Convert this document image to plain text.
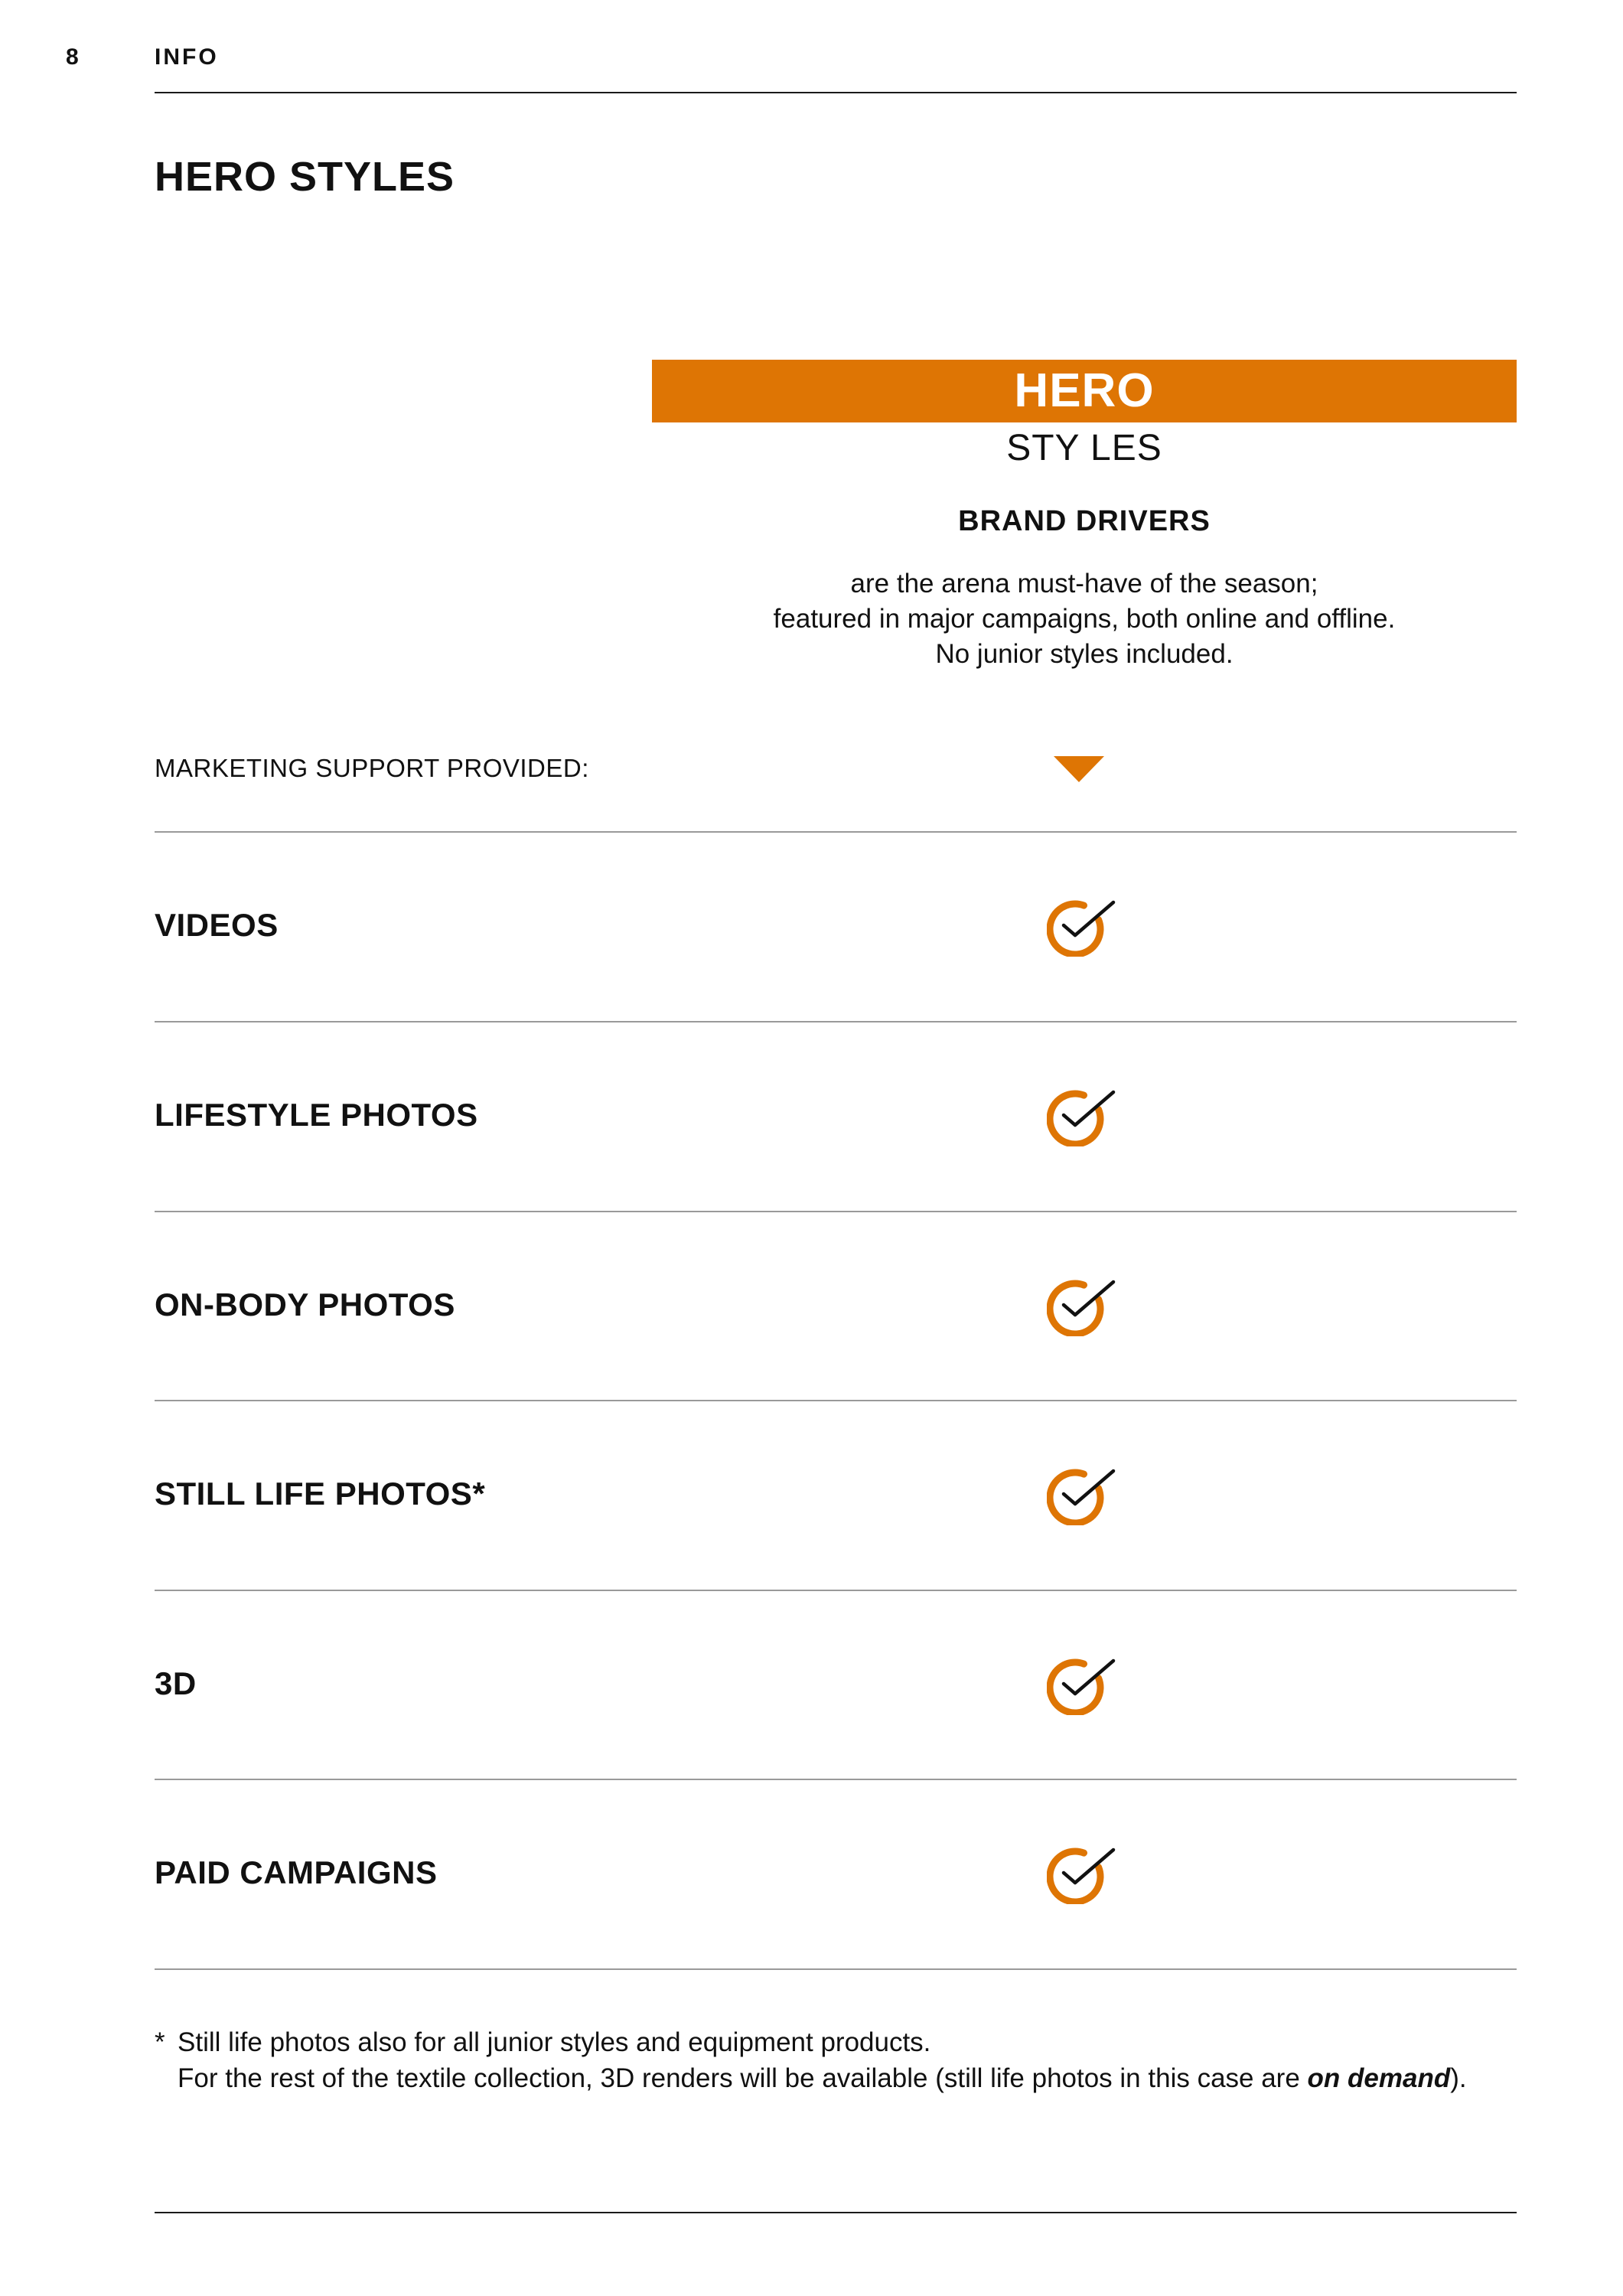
8	INFO
HERO STYLES
HERO
STY LES
BRAND DRIVERS
are the arena must-have of the season;
featured in major campaigns, both online and offline.
No junior styles included.
MARKETING SUPPORT PROVIDED:
VIDEOS
LIFESTYLE PHOTOS
ON-BODY PHOTOS
STILL LIFE PHOTOS*
3D
PAID CAMPAIGNS
* Still life photos also for all junior styles and equipment products.
For the rest of the textile collection, 3D renders will be available (still life photos in this case are on demand).
